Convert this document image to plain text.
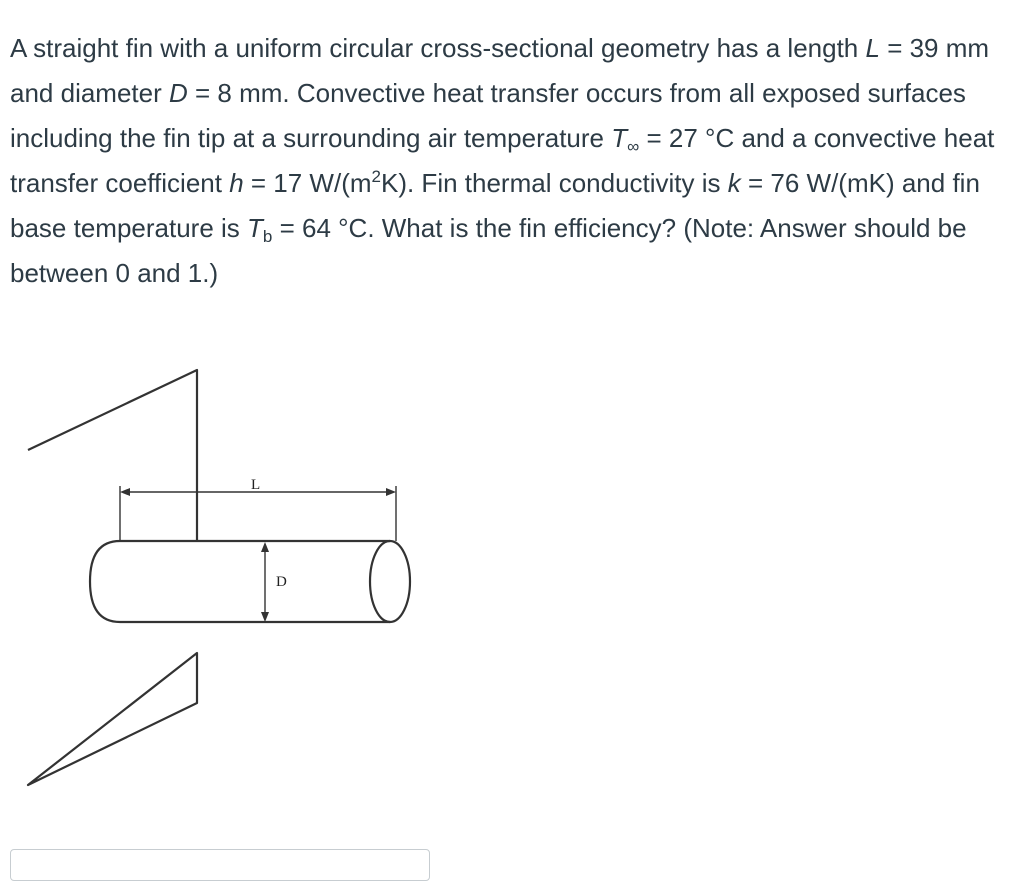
A straight fin with a uniform circular cross-sectional geometry has a length L = 39 mm and diameter D = 8 mm. Convective heat transfer occurs from all exposed surfaces including the fin tip at a surrounding air temperature $T_\infty = 27$ °C and a convective heat transfer coefficient h = 17 $W/(m^2K)$. Fin thermal conductivity is k = 76 W/(mK) and fin base temperature is $T_b = 64$ °C. What is the fin efficiency? (Note: Answer should be between 0 and 1.)
L
D
